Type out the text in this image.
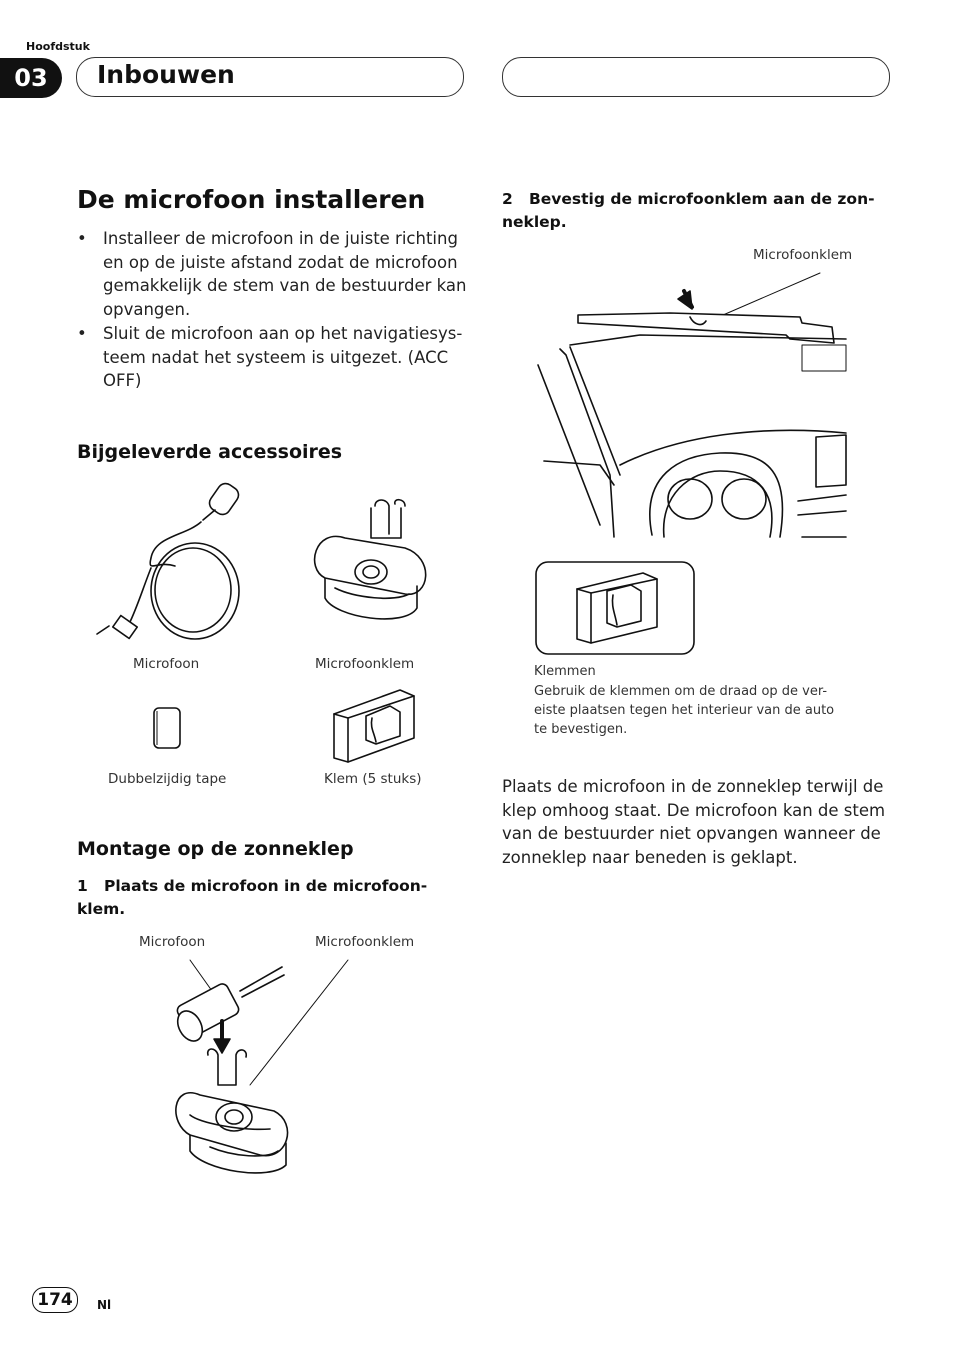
Hoofdstuk
03	Inbouwen
De microfoon installeren
• Installeer de microfoon in de juiste richting en op de juiste afstand zodat de microfoon gemakkelijk de stem van de bestuurder kan opvangen.
• Sluit de microfoon aan op het navigatiesys-teem nadat het systeem is uitgezet. (ACC OFF)
Bijgeleverde accessoires
Microfoon	Microfoonklem
Dubbelzijdig tape	Klem (5 stuks)
Montage op de zonneklep
1   Plaats de microfoon in de microfoon-klem.
Microfoon	Microfoonklem
2   Bevestig de microfoonklem aan de zon-neklep.
Microfoonklem
Klemmen
Gebruik de klemmen om de draad op de ver-eiste plaatsen tegen het interieur van de auto te bevestigen.
Plaats de microfoon in de zonneklep terwijl de klep omhoog staat. De microfoon kan de stem van de bestuurder niet opvangen wanneer de zonneklep naar beneden is geklapt.
174	Nl
